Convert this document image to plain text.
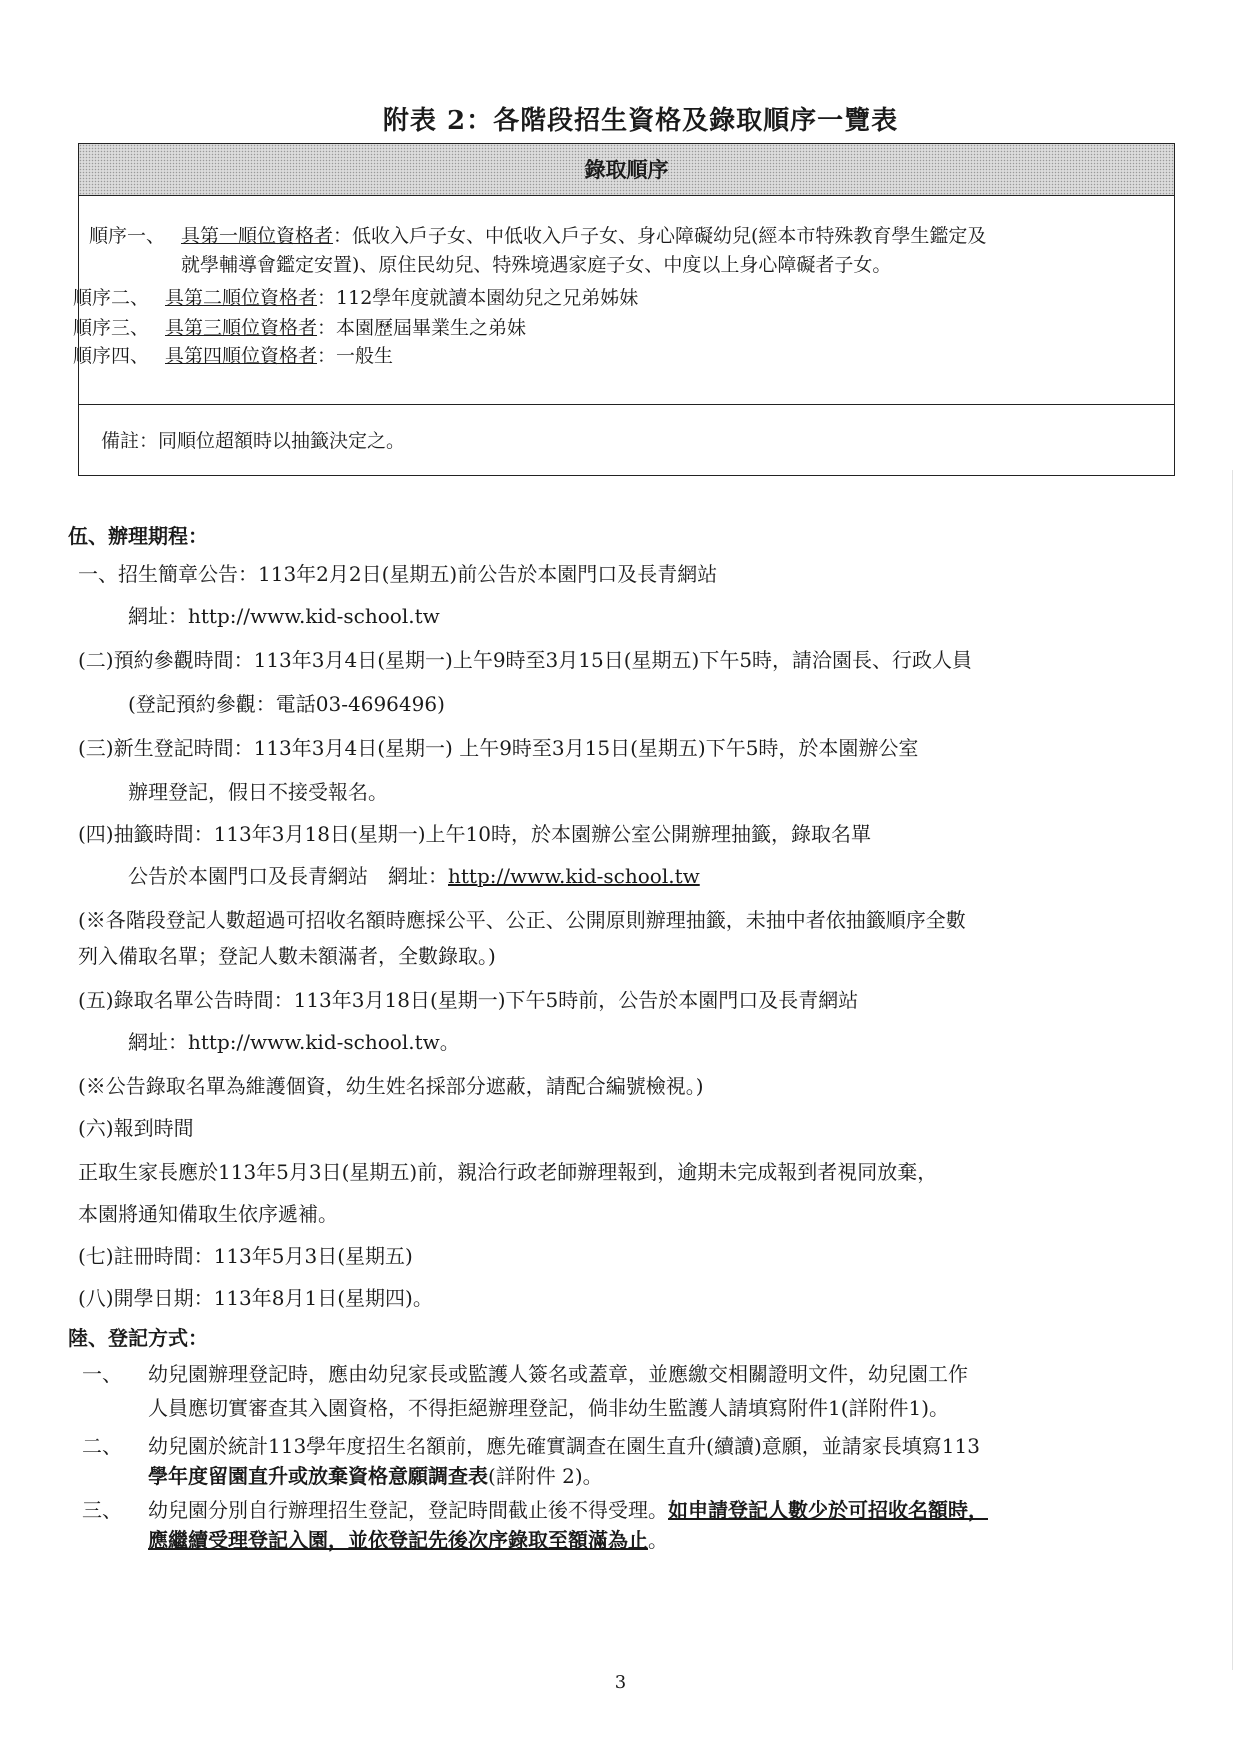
附表 2：各階段招生資格及錄取順序一覽表
錄取順序
順序一、 具第一順位資格者：低收入戶子女、中低收入戶子女、身心障礙幼兒(經本市特殊教育學生鑑定及
就學輔導會鑑定安置)、原住民幼兒、特殊境遇家庭子女、中度以上身心障礙者子女。
順序二、 具第二順位資格者：112學年度就讀本園幼兒之兄弟姊妹
順序三、 具第三順位資格者：本園歷屆畢業生之弟妹
順序四、 具第四順位資格者：一般生
備註：同順位超額時以抽籤決定之。
伍、辦理期程：
一、招生簡章公告：113年2月2日(星期五)前公告於本園門口及長青網站
網址：http://www.kid-school.tw
(二)預約參觀時間：113年3月4日(星期一)上午9時至3月15日(星期五)下午5時，請洽園長、行政人員
(登記預約參觀：電話03-4696496)
(三)新生登記時間：113年3月4日(星期一) 上午9時至3月15日(星期五)下午5時，於本園辦公室
辦理登記，假日不接受報名。
(四)抽籤時間：113年3月18日(星期一)上午10時，於本園辦公室公開辦理抽籤，錄取名單
公告於本園門口及長青網站　網址：http://www.kid-school.tw
(※各階段登記人數超過可招收名額時應採公平、公正、公開原則辦理抽籤，未抽中者依抽籤順序全數
列入備取名單；登記人數未額滿者，全數錄取。)
(五)錄取名單公告時間：113年3月18日(星期一)下午5時前，公告於本園門口及長青網站
網址：http://www.kid-school.tw。
(※公告錄取名單為維護個資，幼生姓名採部分遮蔽，請配合編號檢視。)
(六)報到時間
正取生家長應於113年5月3日(星期五)前，親洽行政老師辦理報到，逾期未完成報到者視同放棄，
本園將通知備取生依序遞補。
(七)註冊時間：113年5月3日(星期五)
(八)開學日期：113年8月1日(星期四)。
陸、登記方式：
一、 幼兒園辦理登記時，應由幼兒家長或監護人簽名或蓋章，並應繳交相關證明文件，幼兒園工作
人員應切實審查其入園資格，不得拒絕辦理登記，倘非幼生監護人請填寫附件1(詳附件1)。
二、 幼兒園於統計113學年度招生名額前，應先確實調查在園生直升(續讀)意願，並請家長填寫113
學年度留園直升或放棄資格意願調查表(詳附件 2)。
三、 幼兒園分別自行辦理招生登記，登記時間截止後不得受理。如申請登記人數少於可招收名額時，
應繼續受理登記入園，並依登記先後次序錄取至額滿為止。
3
